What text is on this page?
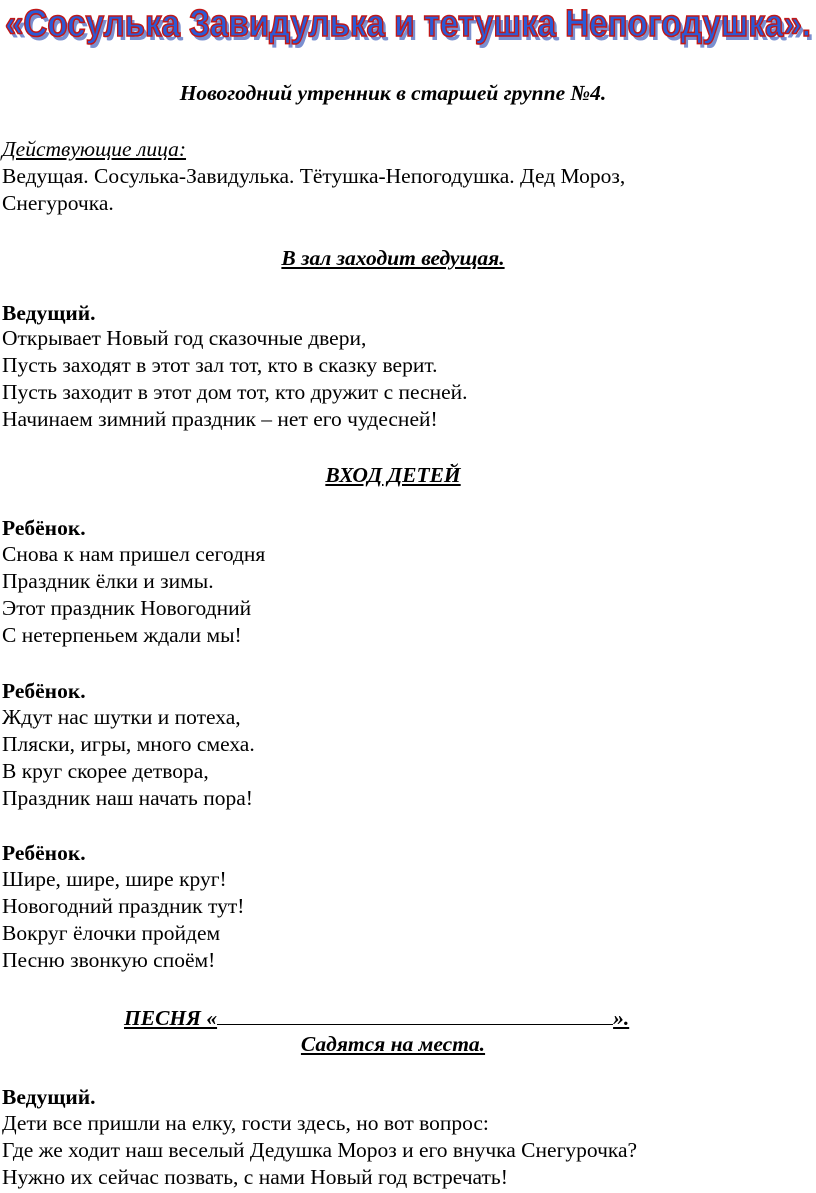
«Сосулька Завидулька и тетушка Непогодушка».
«Сосулька Завидулька и тетушка Непогодушка».
Новогодний утренник в старшей группе №4.
Действующие лица:
Ведущая. Сосулька-Завидулька. Тётушка-Непогодушка. Дед Мороз,
Снегурочка.
В зал заходит ведущая.
Ведущий.
Открывает Новый год сказочные двери,
Пусть заходят в этот зал тот, кто в сказку верит.
Пусть заходит в этот дом тот, кто дружит с песней.
Начинаем зимний праздник – нет его чудесней!
ВХОД ДЕТЕЙ
Ребёнок.
Снова к нам пришел сегодня
Праздник ёлки и зимы.
Этот праздник Новогодний
С нетерпеньем ждали мы!
Ребёнок.
Ждут нас шутки и потеха,
Пляски, игры, много смеха.
В круг скорее детвора,
Праздник наш начать пора!
Ребёнок.
Шире, шире, шире круг!
Новогодний праздник тут!
Вокруг ёлочки пройдем
Песню звонкую споём!
ПЕСНЯ «	».
Садятся на места.
Ведущий.
Дети все пришли на елку, гости здесь, но вот вопрос:
Где же ходит наш веселый Дедушка Мороз и его внучка Снегурочка?
Нужно их сейчас позвать, с нами Новый год встречать!
